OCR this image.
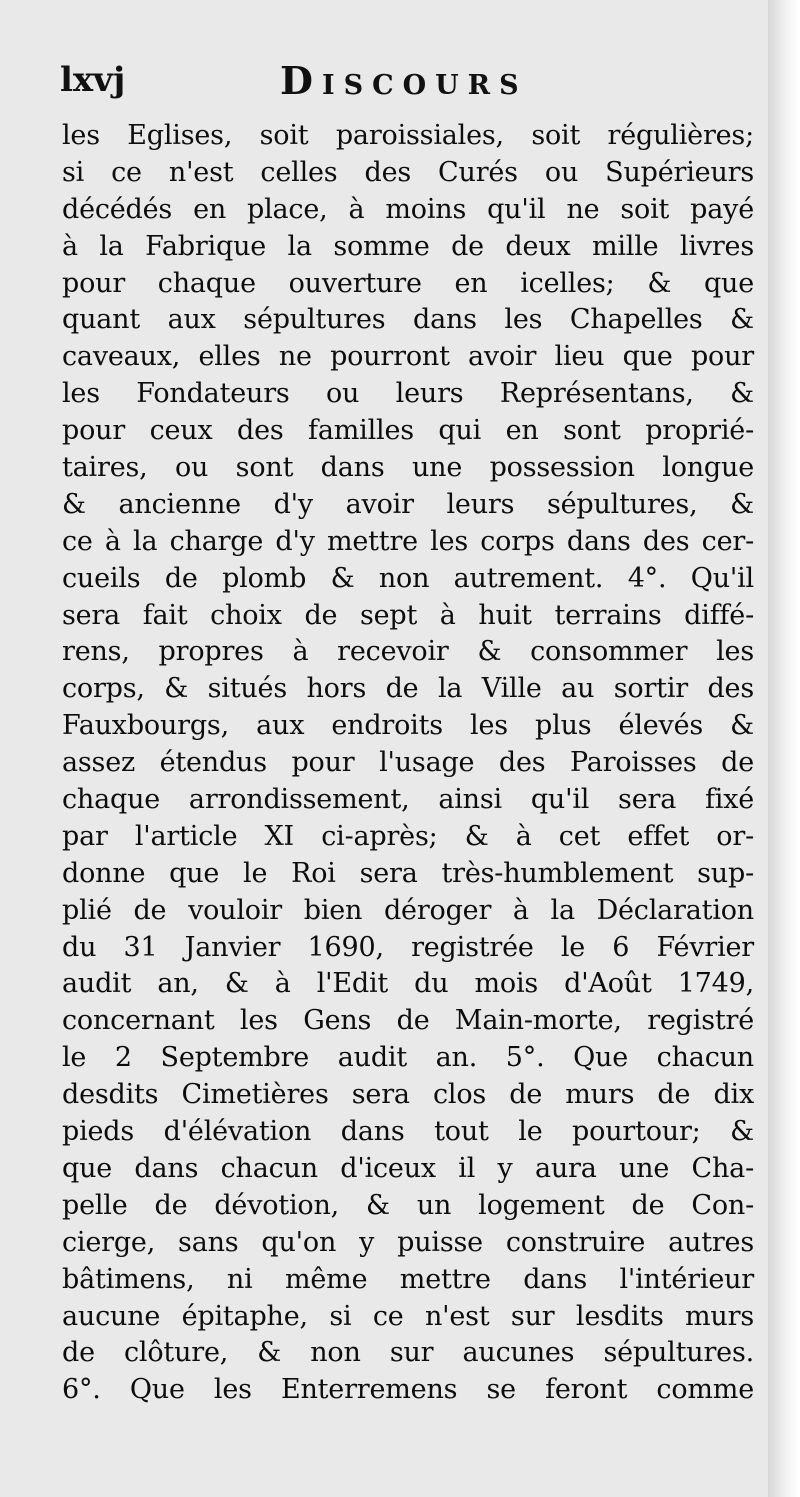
lxvj	Discours
les Eglises, soit paroissiales, soit régulières;
si ce n'est celles des Curés ou Supérieurs
décédés en place, à moins qu'il ne soit payé
à la Fabrique la somme de deux mille livres
pour chaque ouverture en icelles; & que
quant aux sépultures dans les Chapelles &
caveaux, elles ne pourront avoir lieu que pour
les Fondateurs ou leurs Représentans, &
pour ceux des familles qui en sont proprié-
taires, ou sont dans une possession longue
& ancienne d'y avoir leurs sépultures, &
ce à la charge d'y mettre les corps dans des cer-
cueils de plomb & non autrement. 4°. Qu'il
sera fait choix de sept à huit terrains diffé-
rens, propres à recevoir & consommer les
corps, & situés hors de la Ville au sortir des
Fauxbourgs, aux endroits les plus élevés &
assez étendus pour l'usage des Paroisses de
chaque arrondissement, ainsi qu'il sera fixé
par l'article XI ci-après; & à cet effet or-
donne que le Roi sera très-humblement sup-
plié de vouloir bien déroger à la Déclaration
du 31 Janvier 1690, registrée le 6 Février
audit an, & à l'Edit du mois d'Août 1749,
concernant les Gens de Main-morte, registré
le 2 Septembre audit an. 5°. Que chacun
desdits Cimetières sera clos de murs de dix
pieds d'élévation dans tout le pourtour; &
que dans chacun d'iceux il y aura une Cha-
pelle de dévotion, & un logement de Con-
cierge, sans qu'on y puisse construire autres
bâtimens, ni même mettre dans l'intérieur
aucune épitaphe, si ce n'est sur lesdits murs
de clôture, & non sur aucunes sépultures.
6°. Que les Enterremens se feront comme
